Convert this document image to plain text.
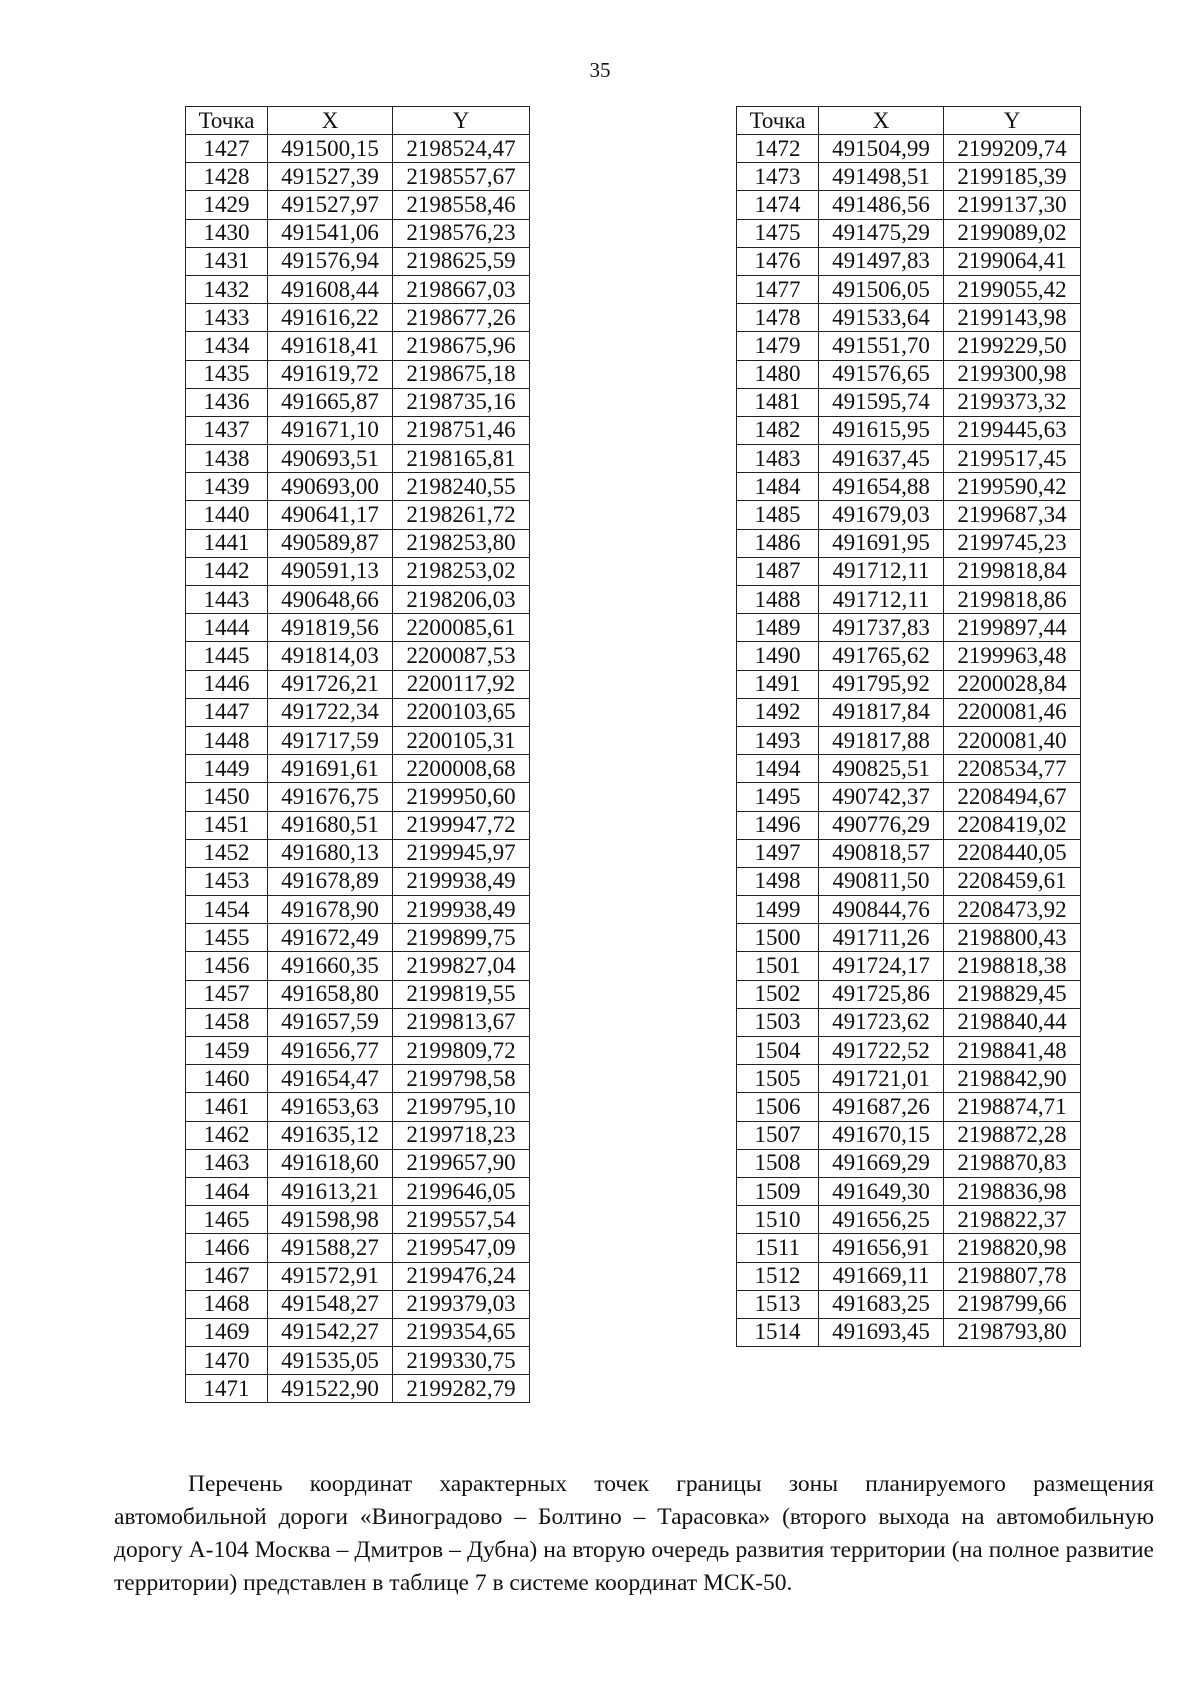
35
Точка	X	Y
1427	491500,15	2198524,47
1428	491527,39	2198557,67
1429	491527,97	2198558,46
1430	491541,06	2198576,23
1431	491576,94	2198625,59
1432	491608,44	2198667,03
1433	491616,22	2198677,26
1434	491618,41	2198675,96
1435	491619,72	2198675,18
1436	491665,87	2198735,16
1437	491671,10	2198751,46
1438	490693,51	2198165,81
1439	490693,00	2198240,55
1440	490641,17	2198261,72
1441	490589,87	2198253,80
1442	490591,13	2198253,02
1443	490648,66	2198206,03
1444	491819,56	2200085,61
1445	491814,03	2200087,53
1446	491726,21	2200117,92
1447	491722,34	2200103,65
1448	491717,59	2200105,31
1449	491691,61	2200008,68
1450	491676,75	2199950,60
1451	491680,51	2199947,72
1452	491680,13	2199945,97
1453	491678,89	2199938,49
1454	491678,90	2199938,49
1455	491672,49	2199899,75
1456	491660,35	2199827,04
1457	491658,80	2199819,55
1458	491657,59	2199813,67
1459	491656,77	2199809,72
1460	491654,47	2199798,58
1461	491653,63	2199795,10
1462	491635,12	2199718,23
1463	491618,60	2199657,90
1464	491613,21	2199646,05
1465	491598,98	2199557,54
1466	491588,27	2199547,09
1467	491572,91	2199476,24
1468	491548,27	2199379,03
1469	491542,27	2199354,65
1470	491535,05	2199330,75
1471	491522,90	2199282,79
Точка	X	Y
1472	491504,99	2199209,74
1473	491498,51	2199185,39
1474	491486,56	2199137,30
1475	491475,29	2199089,02
1476	491497,83	2199064,41
1477	491506,05	2199055,42
1478	491533,64	2199143,98
1479	491551,70	2199229,50
1480	491576,65	2199300,98
1481	491595,74	2199373,32
1482	491615,95	2199445,63
1483	491637,45	2199517,45
1484	491654,88	2199590,42
1485	491679,03	2199687,34
1486	491691,95	2199745,23
1487	491712,11	2199818,84
1488	491712,11	2199818,86
1489	491737,83	2199897,44
1490	491765,62	2199963,48
1491	491795,92	2200028,84
1492	491817,84	2200081,46
1493	491817,88	2200081,40
1494	490825,51	2208534,77
1495	490742,37	2208494,67
1496	490776,29	2208419,02
1497	490818,57	2208440,05
1498	490811,50	2208459,61
1499	490844,76	2208473,92
1500	491711,26	2198800,43
1501	491724,17	2198818,38
1502	491725,86	2198829,45
1503	491723,62	2198840,44
1504	491722,52	2198841,48
1505	491721,01	2198842,90
1506	491687,26	2198874,71
1507	491670,15	2198872,28
1508	491669,29	2198870,83
1509	491649,30	2198836,98
1510	491656,25	2198822,37
1511	491656,91	2198820,98
1512	491669,11	2198807,78
1513	491683,25	2198799,66
1514	491693,45	2198793,80

Перечень координат характерных точек границы зоны планируемого размещения автомобильной дороги «Виноградово – Болтино – Тарасовка» (второго выхода на автомобильную дорогу А-104 Москва – Дмитров – Дубна) на вторую очередь развития территории (на полное развитие территории) представлен в таблице 7 в системе координат МСК-50.
